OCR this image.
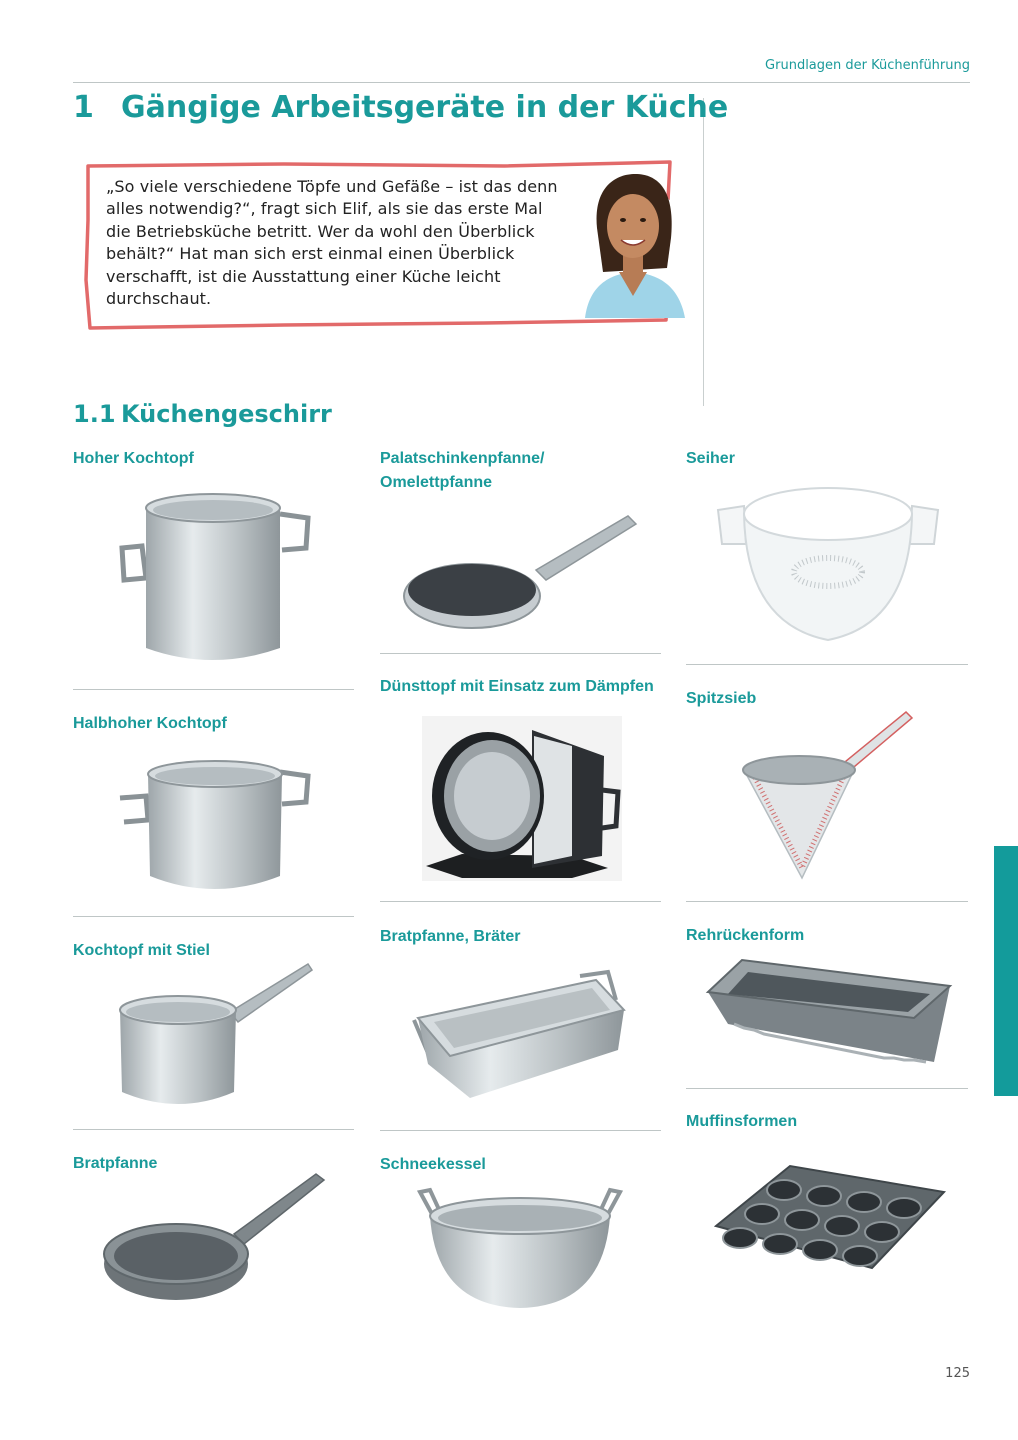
Grundlagen der Küchenführung
1 Gängige Arbeitsgeräte in der Küche
„So viele verschiedene Töpfe und Gefäße – ist das denn
alles notwendig?“, fragt sich Elif, als sie das erste Mal
die Betriebsküche betritt. Wer da wohl den Überblick
behält?“ Hat man sich erst einmal einen Überblick
verschafft, ist die Ausstattung einer Küche leicht
durchschaut.
1.1 Küchengeschirr
Hoher Kochtopf
Halbhoher Kochtopf
Kochtopf mit Stiel
Bratpfanne
Palatschinkenpfanne/
Omelettpfanne
Dünsttopf mit Einsatz zum Dämpfen
Bratpfanne, Bräter
Schneekessel
Seiher
Spitzsieb
Rehrückenform
Muffinsformen
125
